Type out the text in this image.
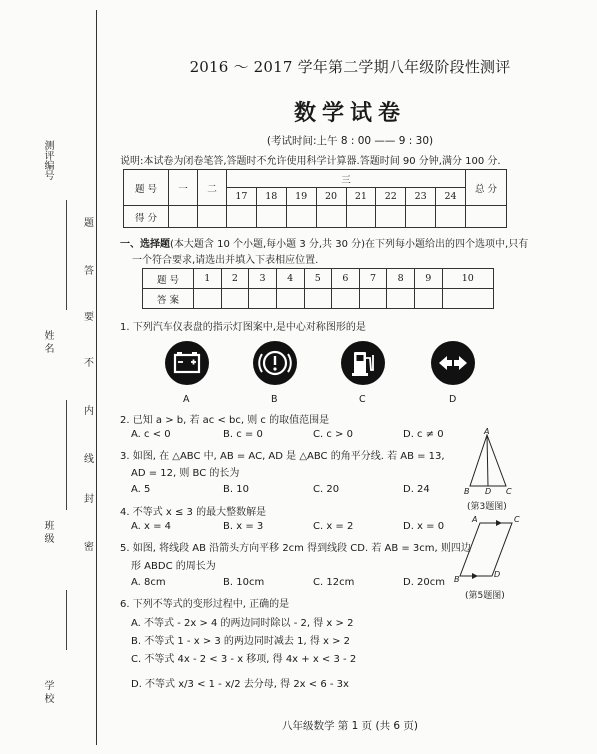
测评编号
姓 名
班 级
学 校
密
封
线
内
不
要
答
题
2016 ～ 2017 学年第二学期八年级阶段性测评
数学试卷
(考试时间:上午 8 : 00 —— 9 : 30)
说明:本试卷为闭卷笔答,答题时不允许使用科学计算器.答题时间 90 分钟,满分 100 分.
题 号	一	二	三								总 分
			17	18	19	20	21	22	23	24	
得 分											
一、选择题(本大题含 10 个小题,每小题 3 分,共 30 分)在下列每小题给出的四个选项中,只有
一个符合要求,请选出并填入下表相应位置.
题 号	1	2	3	4	5	6	7	8	9	10
答 案										
1. 下列汽车仪表盘的指示灯图案中,是中心对称图形的是
A	B	C	D
2. 已知 a > b, 若 ac < bc, 则 c 的取值范围是
A. c < 0	B. c = 0	C. c > 0	D. c ≠ 0
3. 如图, 在 △ABC 中, AB = AC, AD 是 △ABC 的角平分线. 若 AB = 13,
AD = 12, 则 BC 的长为
A. 5	B. 10	C. 20	D. 24
A
B D C
(第3题图)
4. 不等式 x ≤ 3 的最大整数解是
A. x = 4	B. x = 3	C. x = 2	D. x = 0
5. 如图, 将线段 AB 沿箭头方向平移 2cm 得到线段 CD. 若 AB = 3cm, 则四边
形 ABDC 的周长为
A. 8cm	B. 10cm	C. 12cm	D. 20cm
A	C
B
D
(第5题图)
6. 下列不等式的变形过程中, 正确的是
A. 不等式 - 2x > 4 的两边同时除以 - 2, 得 x > 2
B. 不等式 1 - x > 3 的两边同时减去 1, 得 x > 2
C. 不等式 4x - 2 < 3 - x 移项, 得 4x + x < 3 - 2
D. 不等式 x/3 < 1 - x/2 去分母, 得 2x < 6 - 3x
八年级数学 第 1 页 (共 6 页)
